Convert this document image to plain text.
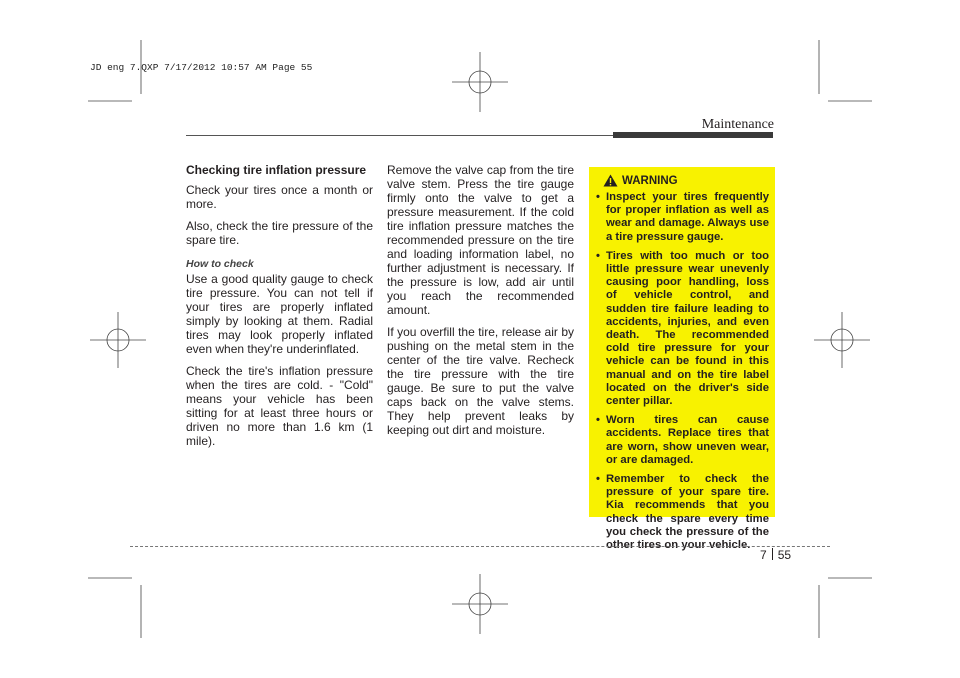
JD eng 7.QXP 7/17/2012 10:57 AM Page 55
Maintenance

Checking tire inflation pressure

Check your tires once a month or more.

Also, check the tire pressure of the spare tire.

How to check

Use a good quality gauge to check tire pressure. You can not tell if your tires are properly inflated simply by looking at them. Radial tires may look properly inflated even when they're underinflated.

Check the tire's inflation pressure when the tires are cold. - "Cold" means your vehicle has been sitting for at least three hours or driven no more than 1.6 km (1 mile).

Remove the valve cap from the tire valve stem. Press the tire gauge firmly onto the valve to get a pressure measurement. If the cold tire inflation pressure matches the recommended pressure on the tire and loading information label, no further adjustment is necessary. If the pressure is low, add air until you reach the recommended amount.

If you overfill the tire, release air by pushing on the metal stem in the center of the tire valve. Recheck the tire pressure with the tire gauge. Be sure to put the valve caps back on the valve stems. They help prevent leaks by keeping out dirt and moisture.

WARNING
• Inspect your tires frequently for proper inflation as well as wear and damage. Always use a tire pressure gauge.
• Tires with too much or too little pressure wear unevenly causing poor handling, loss of vehicle control, and sudden tire failure leading to accidents, injuries, and even death. The recommended cold tire pressure for your vehicle can be found in this manual and on the tire label located on the driver's side center pillar.
• Worn tires can cause accidents. Replace tires that are worn, show uneven wear, or are damaged.
• Remember to check the pressure of your spare tire. Kia recommends that you check the spare every time you check the pressure of the other tires on your vehicle.
7 55
